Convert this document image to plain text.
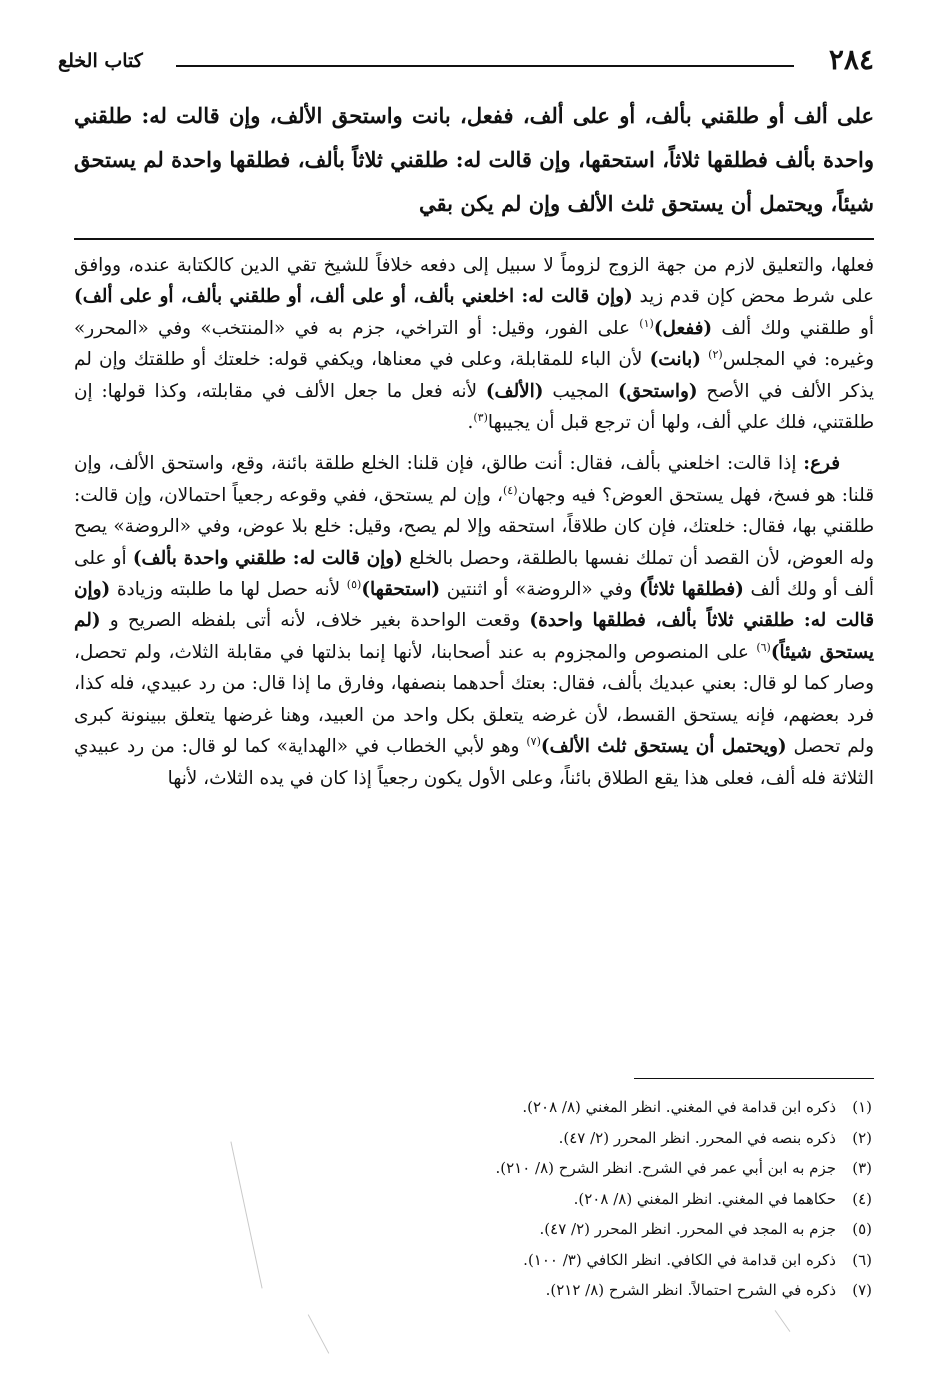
٢٨٤
كتاب الخلع
على ألف أو طلقني بألف، أو على ألف، ففعل، بانت واستحق الألف، وإن قالت له: طلقني واحدة بألف فطلقها ثلاثاً، استحقها، وإن قالت له: طلقني ثلاثاً بألف، فطلقها واحدة لم يستحق شيئاً، ويحتمل أن يستحق ثلث الألف وإن لم يكن بقي

فعلها، والتعليق لازم من جهة الزوج لزوماً لا سبيل إلى دفعه خلافاً للشيخ تقي الدين كالكتابة عنده، ووافق على شرط محض كإن قدم زيد (وإن قالت له: اخلعني بألف، أو على ألف، أو طلقني بألف، أو على ألف) أو طلقني ولك ألف (ففعل)$^{(١)}$ على الفور، وقيل: أو التراخي، جزم به في «المنتخب» وفي «المحرر» وغيره: في المجلس$^{(٢)}$ (بانت) لأن الباء للمقابلة، وعلى في معناها، ويكفي قوله: خلعتك أو طلقتك وإن لم يذكر الألف في الأصح (واستحق) المجيب (الألف) لأنه فعل ما جعل الألف في مقابلته، وكذا قولها: إن طلقتني، فلك علي ألف، ولها أن ترجع قبل أن يجيبها$^{(٣)}$.

فرع: إذا قالت: اخلعني بألف، فقال: أنت طالق، فإن قلنا: الخلع طلقة بائنة، وقع، واستحق الألف، وإن قلنا: هو فسخ، فهل يستحق العوض؟ فيه وجهان$^{(٤)}$، وإن لم يستحق، ففي وقوعه رجعياً احتمالان، وإن قالت: طلقني بها، فقال: خلعتك، فإن كان طلاقاً، استحقه وإلا لم يصح، وقيل: خلع بلا عوض، وفي «الروضة» يصح وله العوض، لأن القصد أن تملك نفسها بالطلقة، وحصل بالخلع (وإن قالت له: طلقني واحدة بألف) أو على ألف أو ولك ألف (فطلقها ثلاثاً) وفي «الروضة» أو اثنتين (استحقها)$^{(٥)}$ لأنه حصل لها ما طلبته وزيادة (وإن قالت له: طلقني ثلاثاً بألف، فطلقها واحدة) وقعت الواحدة بغير خلاف، لأنه أتى بلفظه الصريح و (لم يستحق شيئاً)$^{(٦)}$ على المنصوص والمجزوم به عند أصحابنا، لأنها إنما بذلتها في مقابلة الثلاث، ولم تحصل، وصار كما لو قال: بعني عبديك بألف، فقال: بعتك أحدهما بنصفها، وفارق ما إذا قال: من رد عبيدي، فله كذا، فرد بعضهم، فإنه يستحق القسط، لأن غرضه يتعلق بكل واحد من العبيد، وهنا غرضها يتعلق ببينونة كبرى ولم تحصل (ويحتمل أن يستحق ثلث الألف)$^{(٧)}$ وهو لأبي الخطاب في «الهداية» كما لو قال: من رد عبيدي الثلاثة فله ألف، فعلى هذا يقع الطلاق بائناً، وعلى الأول يكون رجعياً إذا كان في يده الثلاث، لأنها

(١)ذكره ابن قدامة في المغني. انظر المغني (٨/ ٢٠٨).
(٢)ذكره بنصه في المحرر. انظر المحرر (٢/ ٤٧).
(٣)جزم به ابن أبي عمر في الشرح. انظر الشرح (٨/ ٢١٠).
(٤)حكاهما في المغني. انظر المغني (٨/ ٢٠٨).
(٥)جزم به المجد في المحرر. انظر المحرر (٢/ ٤٧).
(٦)ذكره ابن قدامة في الكافي. انظر الكافي (٣/ ١٠٠).
(٧)ذكره في الشرح احتمالاً. انظر الشرح (٨/ ٢١٢).
